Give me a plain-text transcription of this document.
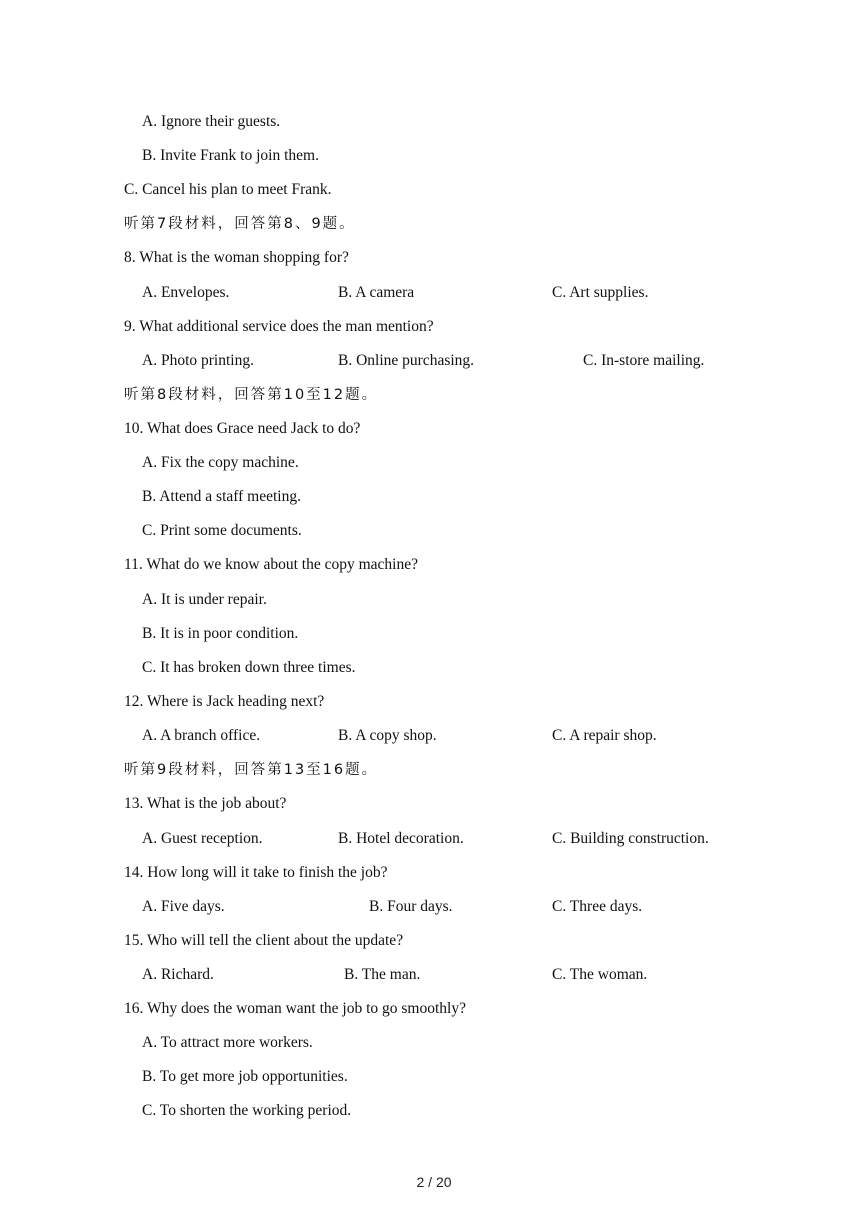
A. Ignore their guests.
B. Invite Frank to join them.
C. Cancel his plan to meet Frank.
听第7段材料，回答第8、9题。
8. What is the woman shopping for?
A. Envelopes.	B. A camera	C. Art supplies.
9. What additional service does the man mention?
A. Photo printing.	B. Online purchasing.	C. In-store mailing.
听第8段材料，回答第10至12题。
10. What does Grace need Jack to do?
A. Fix the copy machine.
B. Attend a staff meeting.
C. Print some documents.
11. What do we know about the copy machine?
A. It is under repair.
B. It is in poor condition.
C. It has broken down three times.
12. Where is Jack heading next?
A. A branch office.	B. A copy shop.	C. A repair shop.
听第9段材料，回答第13至16题。
13. What is the job about?
A. Guest reception.	B. Hotel decoration.	C. Building construction.
14. How long will it take to finish the job?
A. Five days.	B. Four days.	C. Three days.
15. Who will tell the client about the update?
A. Richard.	B. The man.	C. The woman.
16. Why does the woman want the job to go smoothly?
A. To attract more workers.
B. To get more job opportunities.
C. To shorten the working period.
2 / 20
